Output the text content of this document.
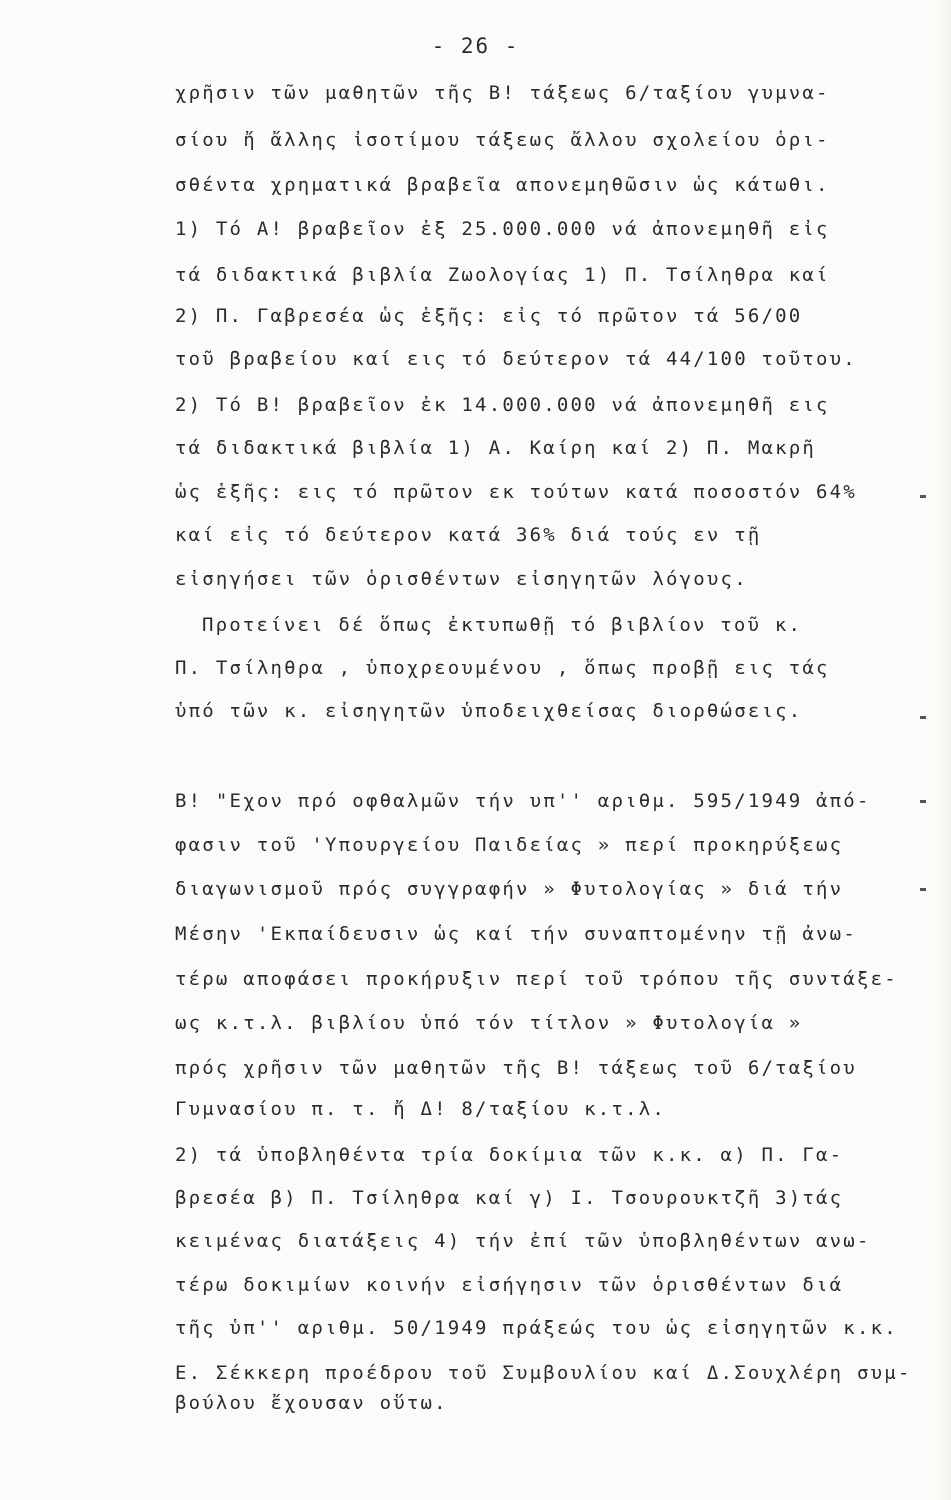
- 26 -
χρῆσιν τῶν μαθητῶν τῆς Β! τάξεως 6/ταξίου γυμνα-
σίου ἤ ἄλλης ἰσοτίμου τάξεως ἄλλου σχολείου ὁρι-
σθέντα χρηματικά βραβεῖα απονεμηθῶσιν ὡς κάτωθι.
1) Τό Α! βραβεῖον ἐξ 25.000.000 νά ἀπονεμηθῆ εἰς
τά διδακτικά βιβλία Ζωολογίας 1) Π. Τσίληθρα καί
2) Π. Γαβρεσέα ὡς ἑξῆς: εἰς τό πρῶτον τά 56/00
τοῦ βραβείου καί εις τό δεύτερον τά 44/100 τοῦτου.
2) Τό Β! βραβεῖον ἐκ 14.000.000 νά ἀπονεμηθῆ εις
τά διδακτικά βιβλία 1) Α. Καίρη καί 2) Π. Μακρῆ
ὡς ἑξῆς: εις τό πρῶτον εκ τούτων κατά ποσοστόν 64%
καί εἰς τό δεύτερον κατά 36% διά τούς εν τῇ
εἰσηγήσει τῶν ὁρισθέντων εἰσηγητῶν λόγους.
Προτείνει δέ ὅπως ἐκτυπωθῇ τό βιβλίον τοῦ κ.
Π. Τσίληθρα , ὑποχρεουμένου , ὅπως προβῇ εις τάς
ὑπό τῶν κ. εἰσηγητῶν ὑποδειχθείσας διορθώσεις.
Β! "Εχον πρό οφθαλμῶν τήν υπ'' αριθμ. 595/1949 ἀπό-
φασιν τοῦ 'Υπουργείου Παιδείας » περί προκηρύξεως
διαγωνισμοῦ πρός συγγραφήν » Φυτολογίας » διά τήν
Μέσην 'Εκπαίδευσιν ὡς καί τήν συναπτομένην τῇ ἀνω-
τέρω αποφάσει προκήρυξιν περί τοῦ τρόπου τῆς συντάξε-
ως κ.τ.λ. βιβλίου ὑπό τόν τίτλον » Φυτολογία »
πρός χρῆσιν τῶν μαθητῶν τῆς Β! τάξεως τοῦ 6/ταξίου
Γυμνασίου π. τ. ἤ Δ! 8/ταξίου κ.τ.λ.
2) τά ὑποβληθέντα τρία δοκίμια τῶν κ.κ. α) Π. Γα-
βρεσέα β) Π. Τσίληθρα καί γ) Ι. Τσουρουκτζῆ 3)τάς
κειμένας διατάξεις 4) τήν ἐπί τῶν ὑποβληθέντων ανω-
τέρω δοκιμίων κοινήν εἰσήγησιν τῶν ὁρισθέντων διά
τῆς ὑπ'' αριθμ. 50/1949 πράξεώς του ὡς εἰσηγητῶν κ.κ.
Ε. Σέκκερη προέδρου τοῦ Συμβουλίου καί Δ.Σουχλέρη συμ-
βούλου ἔχουσαν οὕτω.
